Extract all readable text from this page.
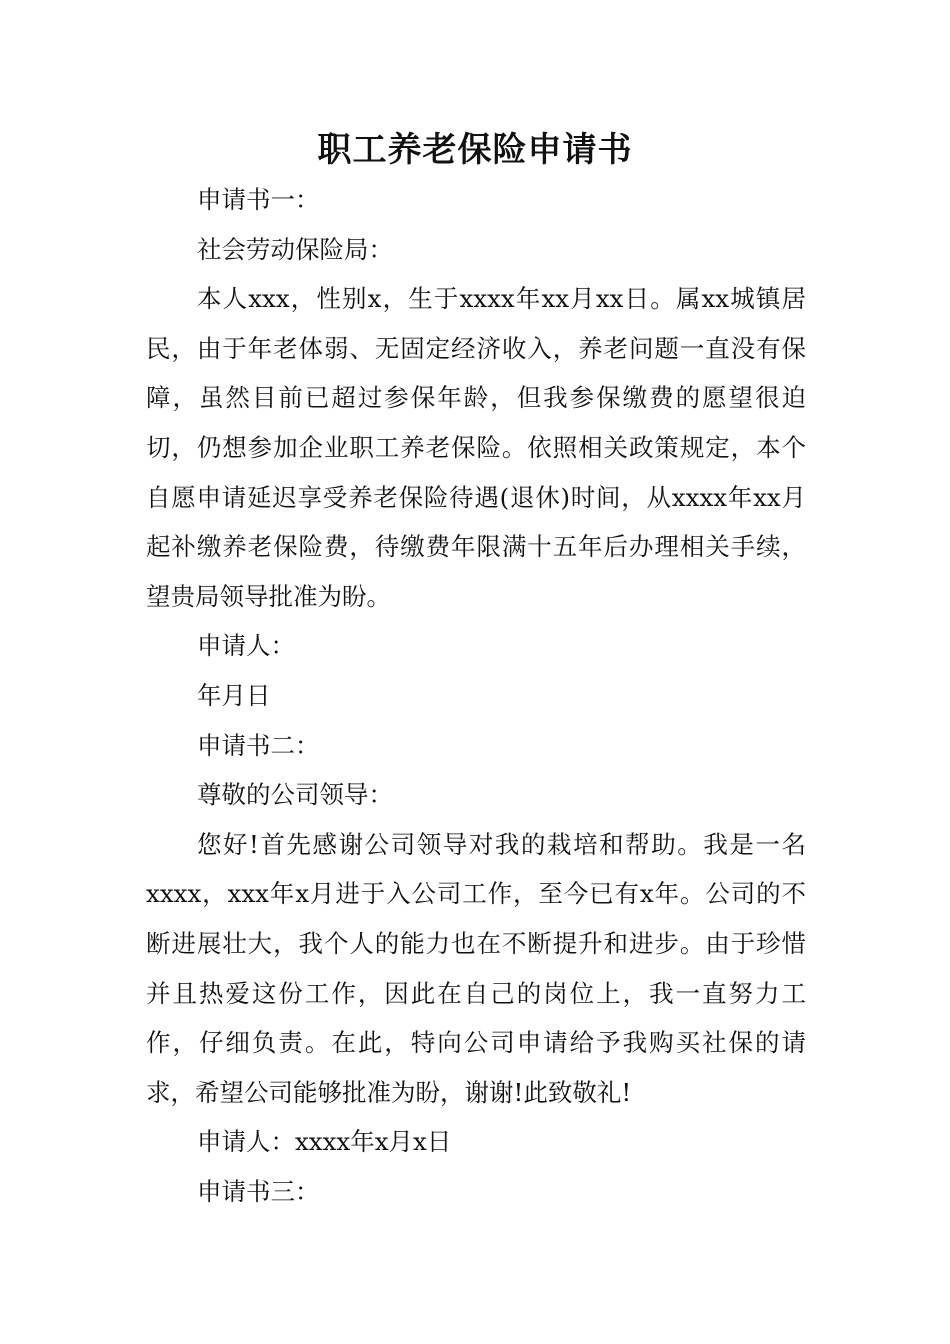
职工养老保险申请书

申请书一：

社会劳动保险局：

本人xxx，性别x，生于xxxx年xx月xx日。属xx城镇居民，由于年老体弱、无固定经济收入，养老问题一直没有保障，虽然目前已超过参保年龄，但我参保缴费的愿望很迫切，仍想参加企业职工养老保险。依照相关政策规定，本个自愿申请延迟享受养老保险待遇(退休)时间，从xxxx年xx月起补缴养老保险费，待缴费年限满十五年后办理相关手续，望贵局领导批准为盼。

申请人：

年月日

申请书二：

尊敬的公司领导：

您好!首先感谢公司领导对我的栽培和帮助。我是一名xxxx，xxx年x月进于入公司工作，至今已有x年。公司的不断进展壮大，我个人的能力也在不断提升和进步。由于珍惜并且热爱这份工作，因此在自己的岗位上，我一直努力工作，仔细负责。在此，特向公司申请给予我购买社保的请求，希望公司能够批准为盼，谢谢!此致敬礼!

申请人：xxxx年x月x日

申请书三：
